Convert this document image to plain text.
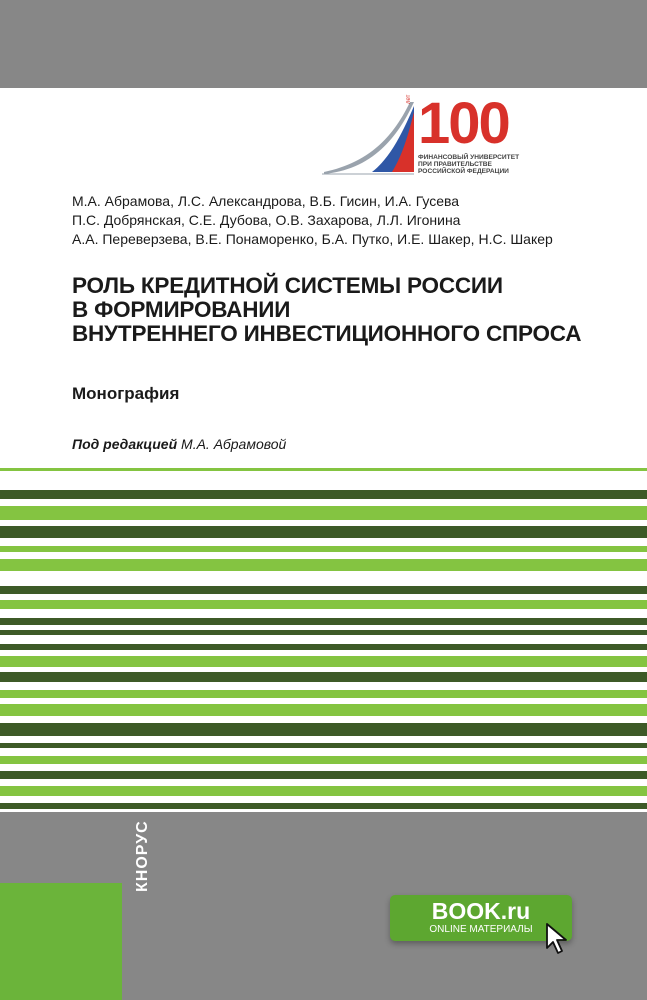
лет 100
ФИНАНСОВЫЙ УНИВЕРСИТЕТ
ПРИ ПРАВИТЕЛЬСТВЕ
РОССИЙСКОЙ ФЕДЕРАЦИИ
М.А. Абрамова, Л.С. Александрова, В.Б. Гисин, И.А. Гусева
П.С. Добрянская, С.Е. Дубова, О.В. Захарова, Л.Л. Игонина
А.А. Переверзева, В.Е. Понаморенко, Б.А. Путко, И.Е. Шакер, Н.С. Шакер
РОЛЬ КРЕДИТНОЙ СИСТЕМЫ РОССИИ
В ФОРМИРОВАНИИ
ВНУТРЕННЕГО ИНВЕСТИЦИОННОГО СПРОСА
Монография
Под редакцией М.А. Абрамовой
КНОРУС
BOOK.ru
ONLINE МАТЕРИАЛЫ
